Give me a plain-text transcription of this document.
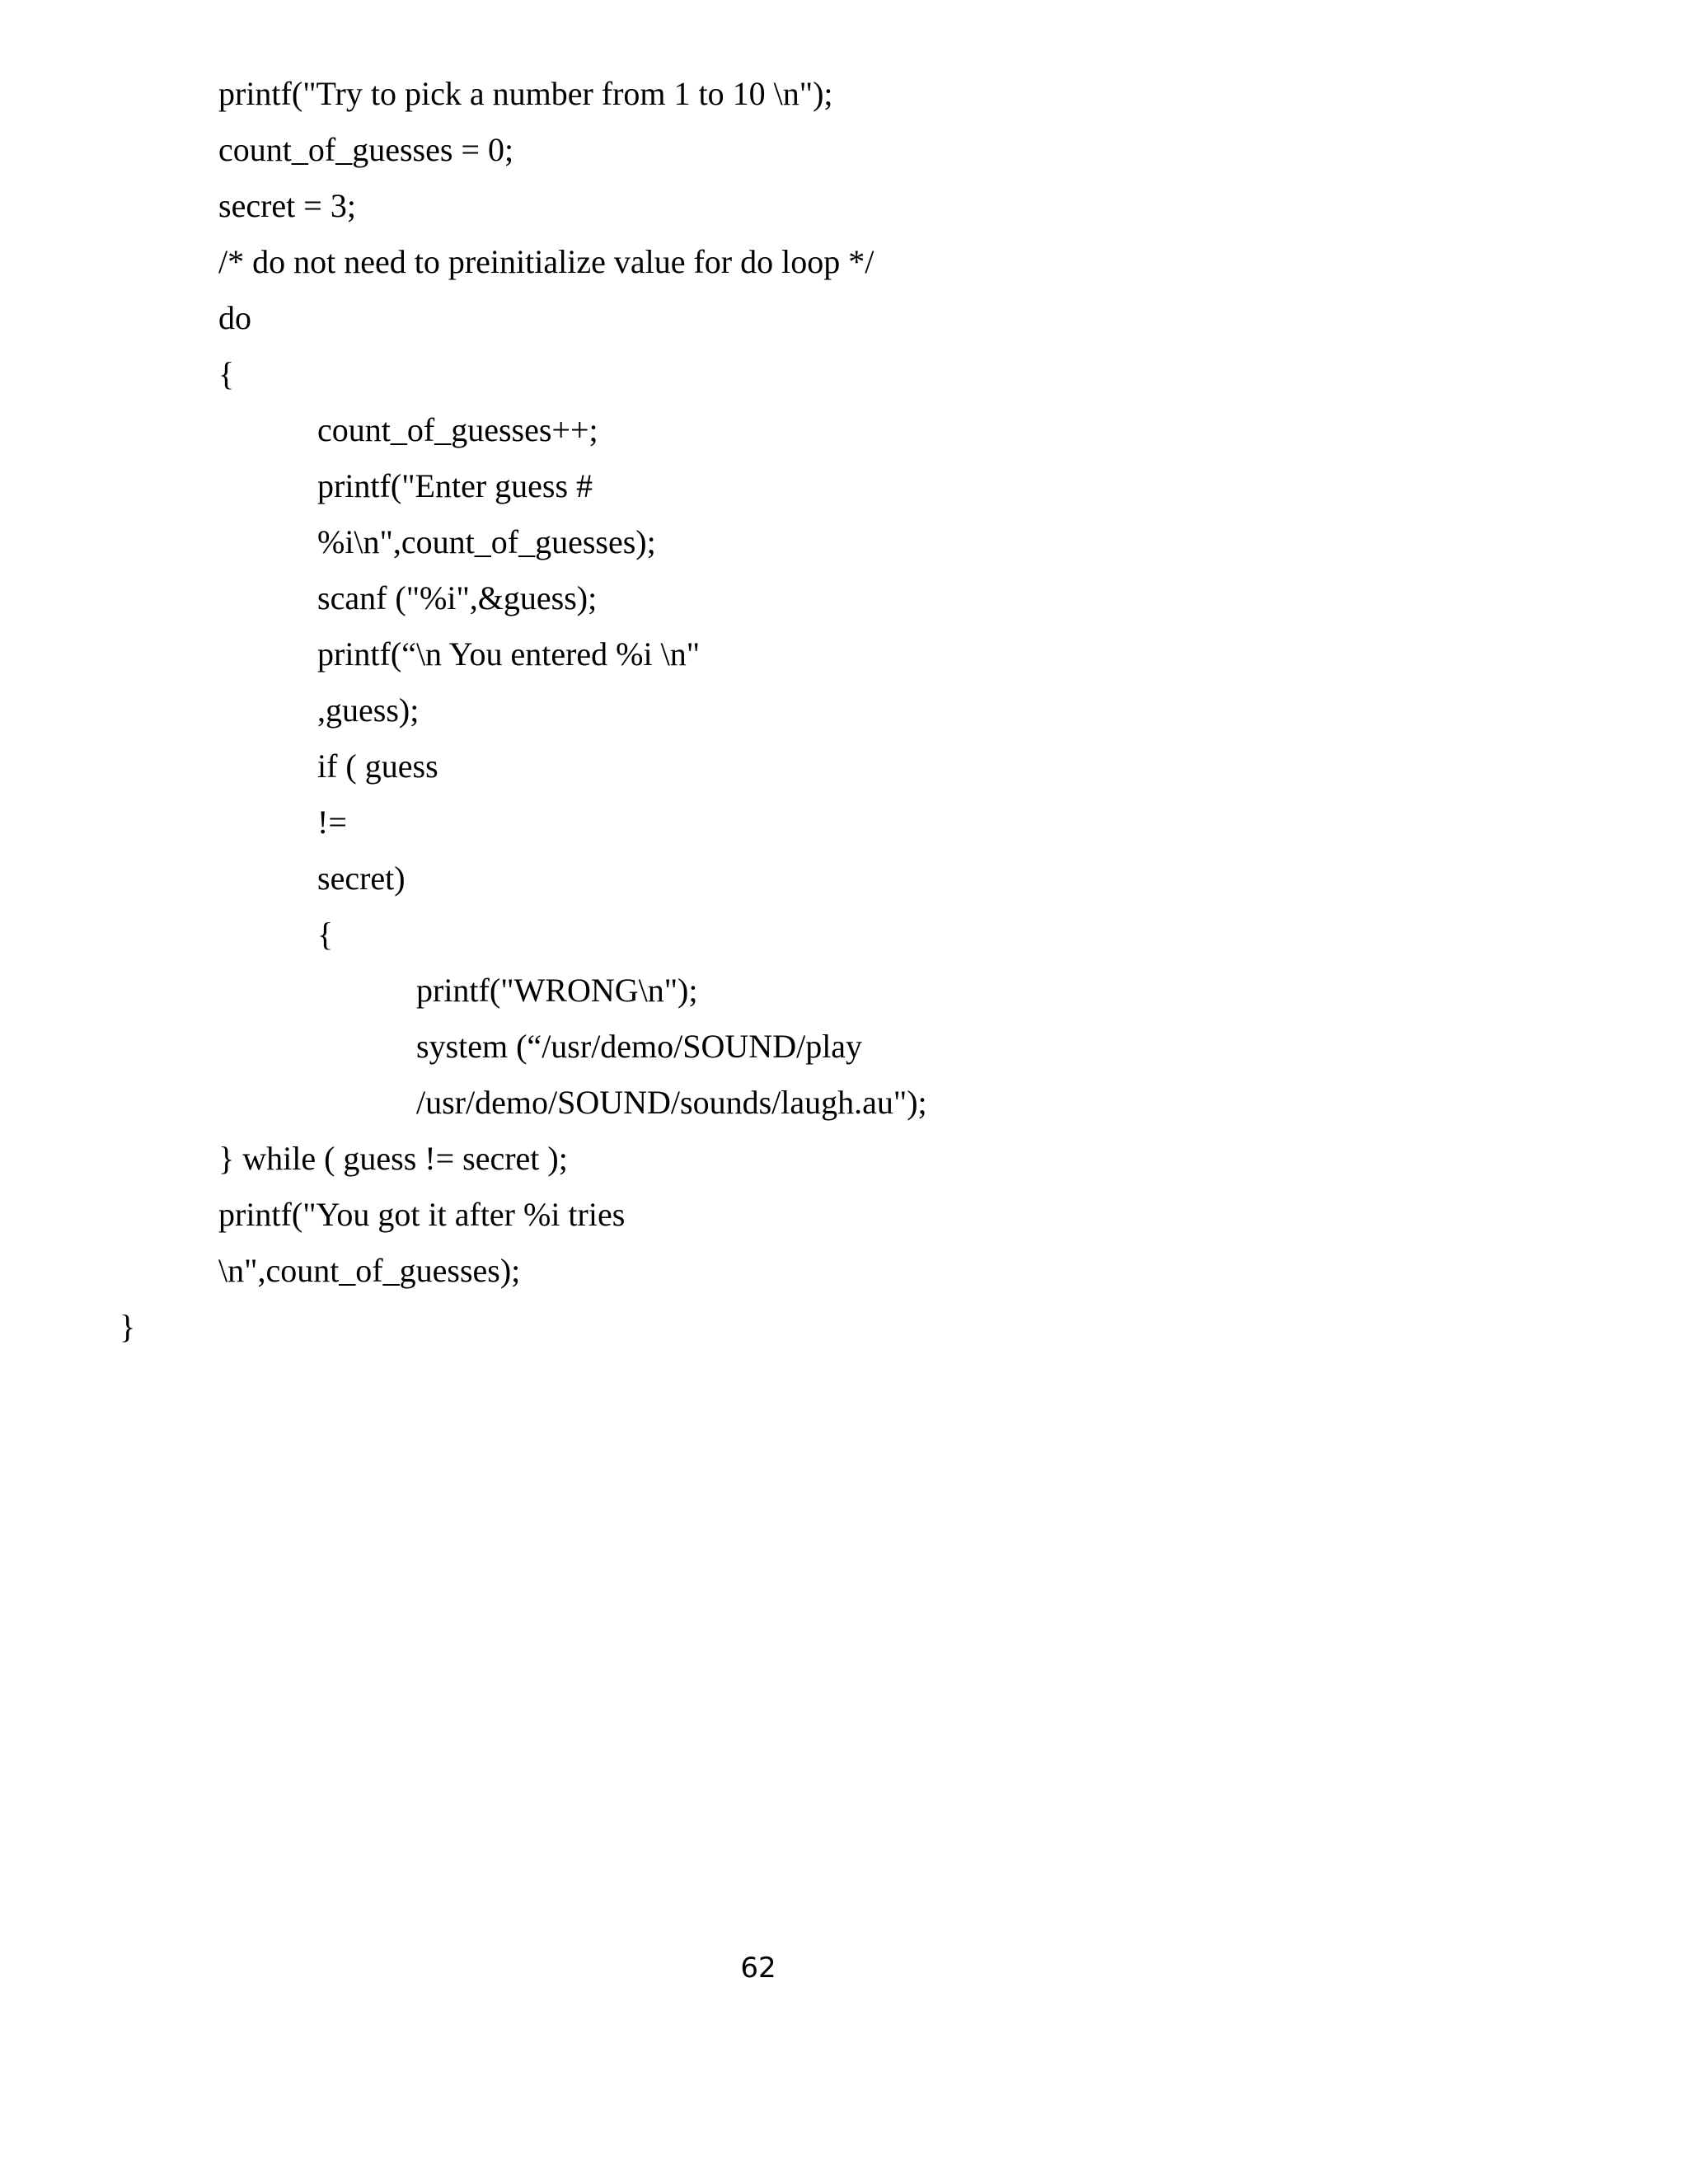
printf("Try to pick a number from 1 to 10 \n");
count_of_guesses = 0;
secret = 3;
/* do not need to preinitialize value for do loop */
do
{
count_of_guesses++;
printf("Enter guess #
%i\n",count_of_guesses);
scanf ("%i",&guess);
printf(“\n You entered %i \n"
,guess);
if ( guess
!=
secret)
{
printf("WRONG\n");
system (“/usr/demo/SOUND/play
/usr/demo/SOUND/sounds/laugh.au");
} while ( guess != secret );
printf("You got it after %i tries
\n",count_of_guesses);
}
62
